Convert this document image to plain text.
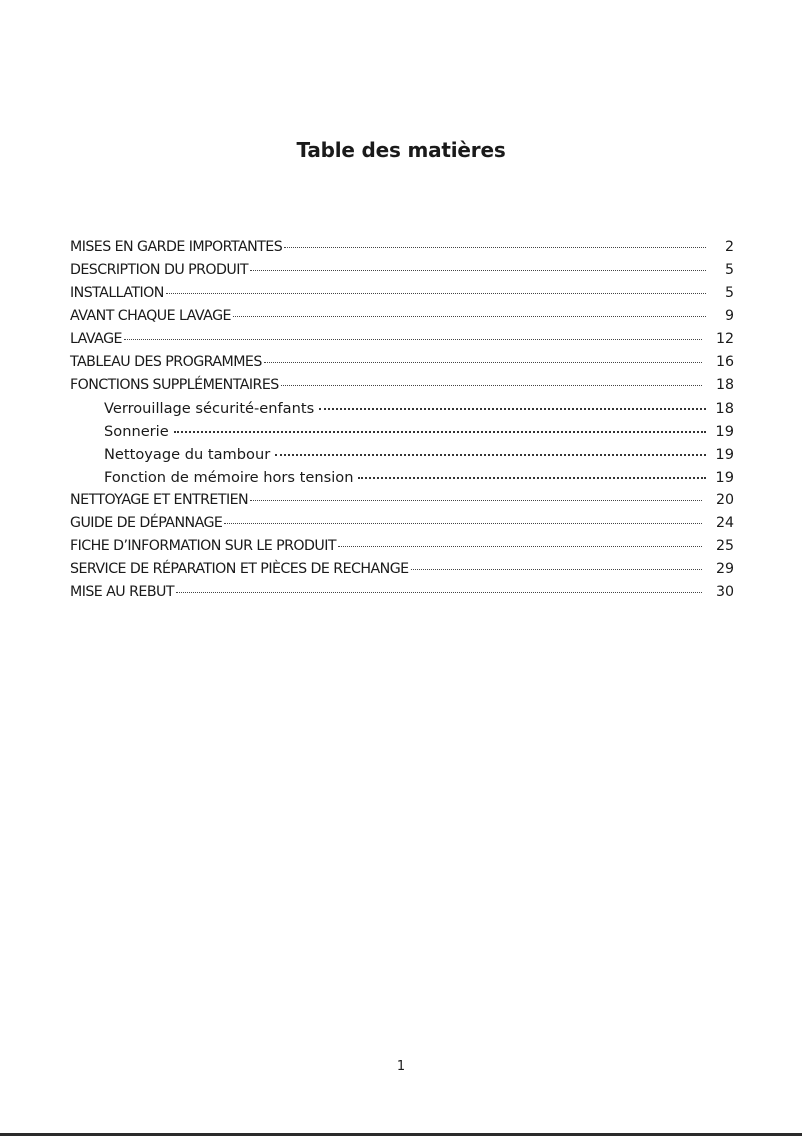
Table des matières
MISES EN GARDE IMPORTANTES	2
DESCRIPTION DU PRODUIT	5
INSTALLATION	5
AVANT CHAQUE LAVAGE	9
LAVAGE	12
TABLEAU DES PROGRAMMES	16
FONCTIONS SUPPLÉMENTAIRES	18
Verrouillage sécurité-enfants	18
Sonnerie	19
Nettoyage du tambour	19
Fonction de mémoire hors tension	19
NETTOYAGE ET ENTRETIEN	20
GUIDE DE DÉPANNAGE	24
FICHE D’INFORMATION SUR LE PRODUIT	25
SERVICE DE RÉPARATION ET PIÈCES DE RECHANGE	29
MISE AU REBUT	30
1
